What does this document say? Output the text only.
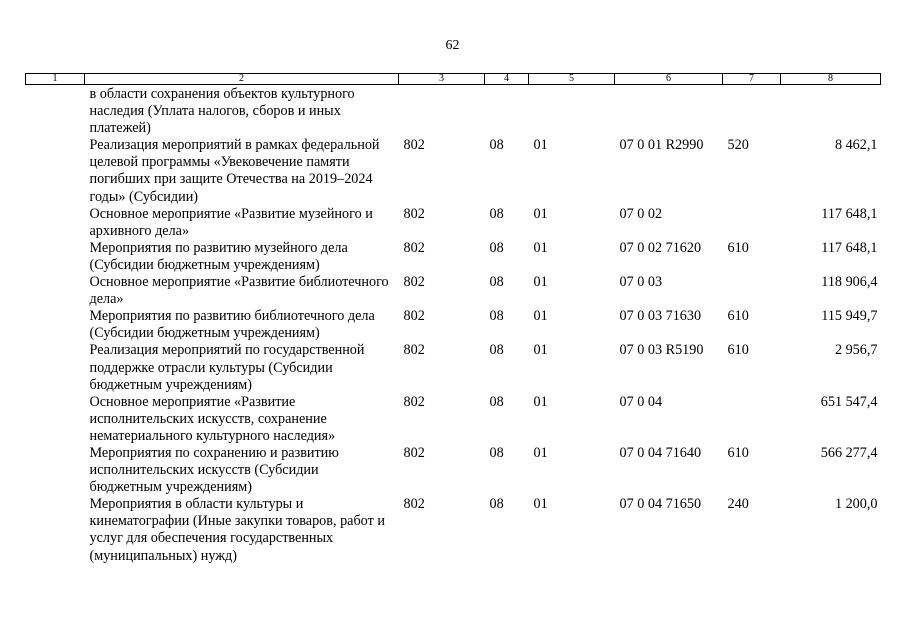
62
1	2	3	4	5	6	7	8
	в области сохранения объектов культурного наследия (Уплата налогов, сборов и иных платежей)						
	Реализация мероприятий в рамках федеральной целевой программы «Увековечение памяти погибших при защите Отечества на 2019–2024 годы» (Субсидии)	802	08	01	07 0 01 R2990	520	8 462,1
	Основное мероприятие «Развитие музейного и архивного дела»	802	08	01	07 0 02		117 648,1
	Мероприятия по развитию музейного дела (Субсидии бюджетным учреждениям)	802	08	01	07 0 02 71620	610	117 648,1
	Основное мероприятие «Развитие библиотечного дела»	802	08	01	07 0 03		118 906,4
	Мероприятия по развитию библиотечного дела (Субсидии бюджетным учреждениям)	802	08	01	07 0 03 71630	610	115 949,7
	Реализация мероприятий по государственной поддержке отрасли культуры (Субсидии бюджетным учреждениям)	802	08	01	07 0 03 R5190	610	2 956,7
	Основное мероприятие «Развитие исполнительских искусств, сохранение нематериального культурного наследия»	802	08	01	07 0 04		651 547,4
	Мероприятия по сохранению и развитию исполнительских искусств (Субсидии бюджетным учреждениям)	802	08	01	07 0 04 71640	610	566 277,4
	Мероприятия в области культуры и кинематографии (Иные закупки товаров, работ и услуг для обеспечения государственных (муниципальных) нужд)	802	08	01	07 0 04 71650	240	1 200,0
